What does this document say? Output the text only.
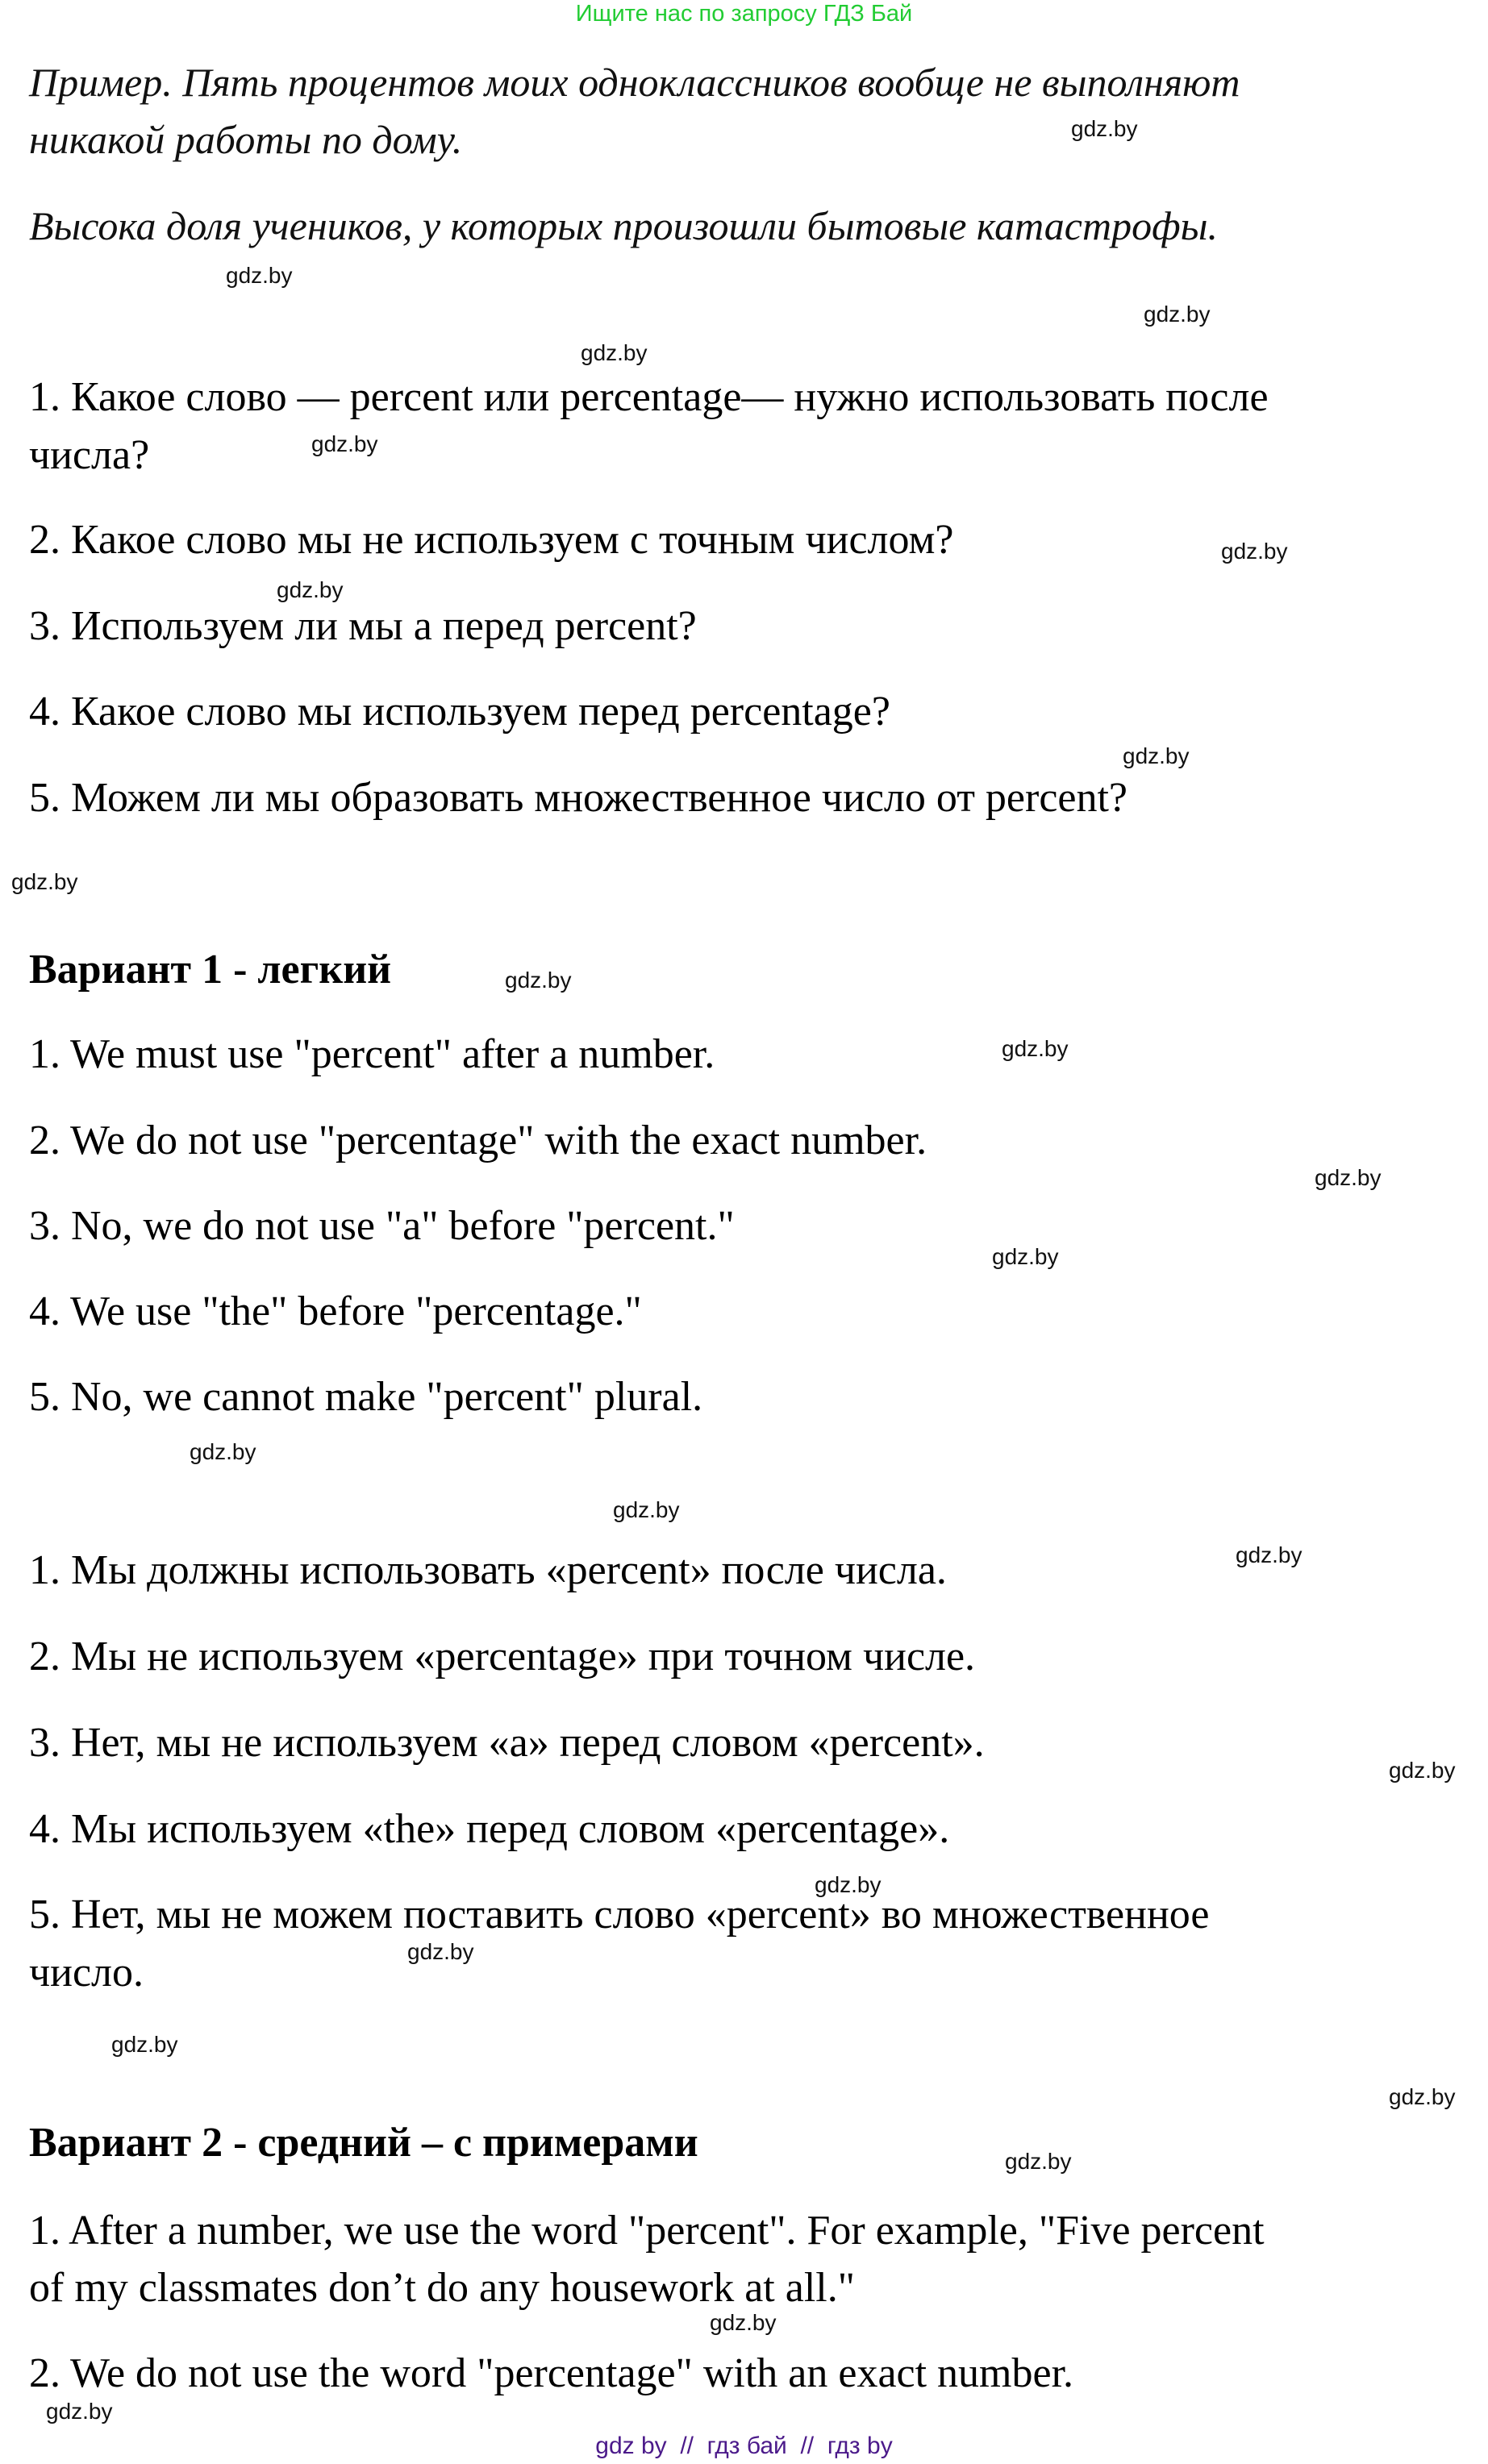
Ищите нас по запросу ГДЗ Бай
Пример. Пять процентов моих одноклассников вообще не выполняют
никакой работы по дому.
Высока доля учеников, у которых произошли бытовые катастрофы.
1. Какое слово — percent или percentage— нужно использовать после
числа?
2. Какое слово мы не используем с точным числом?
3. Используем ли мы a перед percent?
4. Какое слово мы используем перед percentage?
5. Можем ли мы образовать множественное число от percent?
Вариант 1 - легкий
1. We must use "percent" after a number.
2. We do not use "percentage" with the exact number.
3. No, we do not use "a" before "percent."
4. We use "the" before "percentage."
5. No, we cannot make "percent" plural.
1. Мы должны использовать «percent» после числа.
2. Мы не используем «percentage» при точном числе.
3. Нет, мы не используем «a» перед словом «percent».
4. Мы используем «the» перед словом «percentage».
5. Нет, мы не можем поставить слово «percent» во множественное
число.
Вариант 2 - средний – с примерами
1. After a number, we use the word "percent". For example, "Five percent
of my classmates don’t do any housework at all."
2. We do not use the word "percentage" with an exact number.
gdz.by
gdz.by
gdz.by
gdz.by
gdz.by
gdz.by
gdz.by
gdz.by
gdz.by
gdz.by
gdz.by
gdz.by
gdz.by
gdz.by
gdz.by
gdz.by
gdz.by
gdz.by
gdz.by
gdz.by
gdz.by
gdz.by
gdz.by
gdz.by
gdz by  //  гдз бай  //  гдз by
